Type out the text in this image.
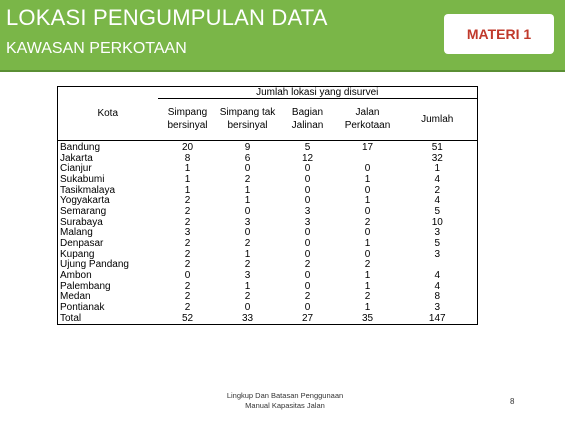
LOKASI PENGUMPULAN DATA
KAWASAN PERKOTAAN
MATERI 1
	Jumlah lokasi yang disurvei				
Kota	Simpang bersinyal	Simpang tak bersinyal	Bagian Jalinan	Jalan Perkotaan	Jumlah
Bandung	20	9	5	17	51
Jakarta	8	6	12		32
Cianjur	1	0	0	0	1
Sukabumi	1	2	0	1	4
Tasikmalaya	1	1	0	0	2
Yogyakarta	2	1	0	1	4
Semarang	2	0	3	0	5
Surabaya	2	3	3	2	10
Malang	3	0	0	0	3
Denpasar	2	2	0	1	5
Kupang	2	1	0	0	3
Ujung Pandang	2	2	2	2	
Ambon	0	3	0	1	4
Palembang	2	1	0	1	4
Medan	2	2	2	2	8
Pontianak	2	0	0	1	3
Total	52	33	27	35	147
Lingkup Dan Batasan Penggunaan
Manual Kapasitas Jalan	8
